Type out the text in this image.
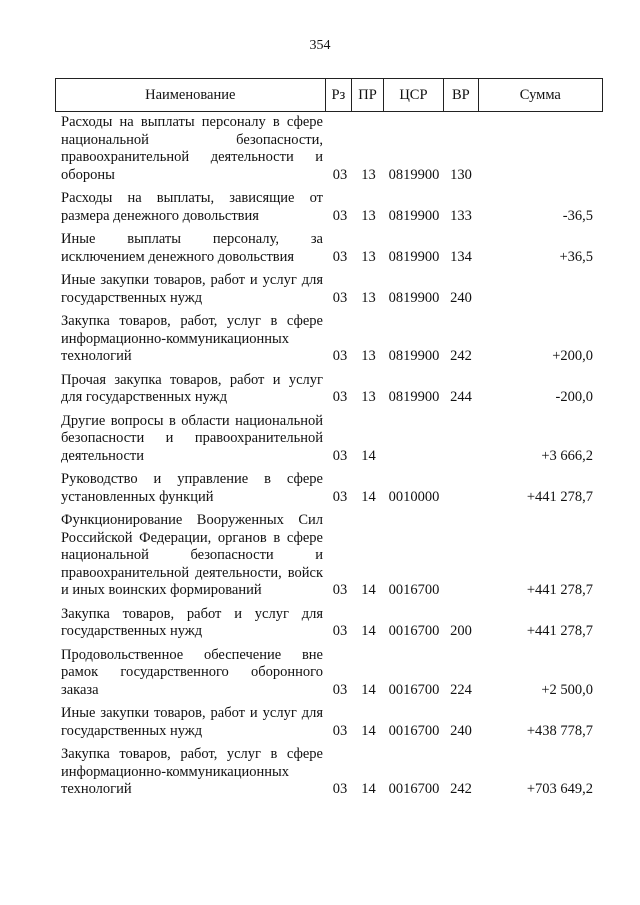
354
Наименование	Рз ПР	ЦСР	ВР	Сумма
Расходы на выплаты персоналу в сфере национальной безопасности, правоохранительной деятельности и обороны	03 13 0819900 130
Расходы на выплаты, зависящие от размера денежного довольствия	03 13 0819900 133	-36,5
Иные выплаты персоналу, за исключением денежного довольствия	03 13 0819900 134	+36,5
Иные закупки товаров, работ и услуг для государственных нужд	03 13 0819900 240
Закупка товаров, работ, услуг в сфере информационно-коммуникационных технологий	03 13 0819900 242	+200,0
Прочая закупка товаров, работ и услуг для государственных нужд	03 13 0819900 244	-200,0
Другие вопросы в области национальной безопасности и правоохранительной деятельности	03 14	+3 666,2
Руководство и управление в сфере установленных функций	03 14 0010000	+441 278,7
Функционирование Вооруженных Сил Российской Федерации, органов в сфере национальной безопасности и правоохранительной деятельности, войск и иных воинских формирований	03 14 0016700	+441 278,7
Закупка товаров, работ и услуг для государственных нужд	03 14 0016700 200	+441 278,7
Продовольственное обеспечение вне рамок государственного оборонного заказа	03 14 0016700 224	+2 500,0
Иные закупки товаров, работ и услуг для государственных нужд	03 14 0016700 240	+438 778,7
Закупка товаров, работ, услуг в сфере информационно-коммуникационных технологий	03 14 0016700 242	+703 649,2
